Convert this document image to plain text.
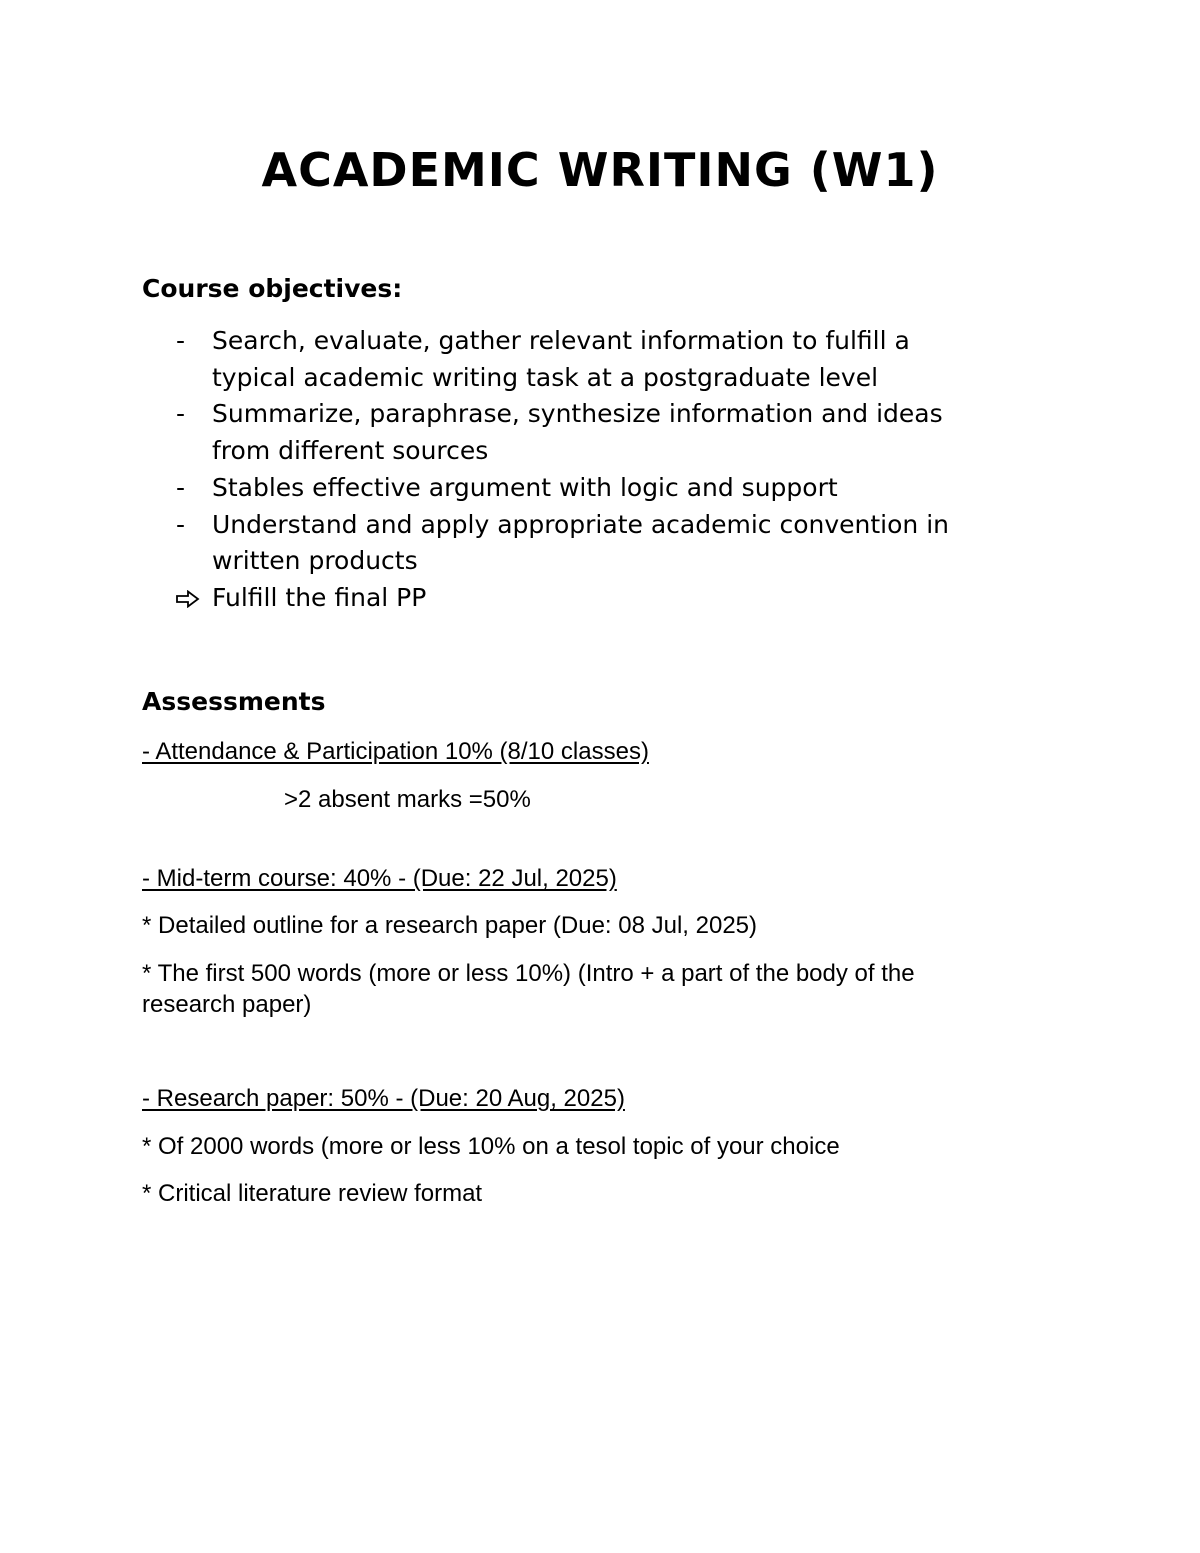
ACADEMIC WRITING (W1)
Course objectives:
-	Search, evaluate, gather relevant information to fulfill a
typical academic writing task at a postgraduate level
-	Summarize, paraphrase, synthesize information and ideas
from different sources
-	Stables effective argument with logic and support
-	Understand and apply appropriate academic convention in
written products
Fulfill the final PP
Assessments
- Attendance & Participation 10% (8/10 classes)
>2 absent marks =50%
- Mid-term course: 40% - (Due: 22 Jul, 2025)
* Detailed outline for a research paper (Due: 08 Jul, 2025)
* The first 500 words (more or less 10%) (Intro + a part of the body of the
research paper)
- Research paper: 50% - (Due: 20 Aug, 2025)
* Of 2000 words (more or less 10% on a tesol topic of your choice
* Critical literature review format
